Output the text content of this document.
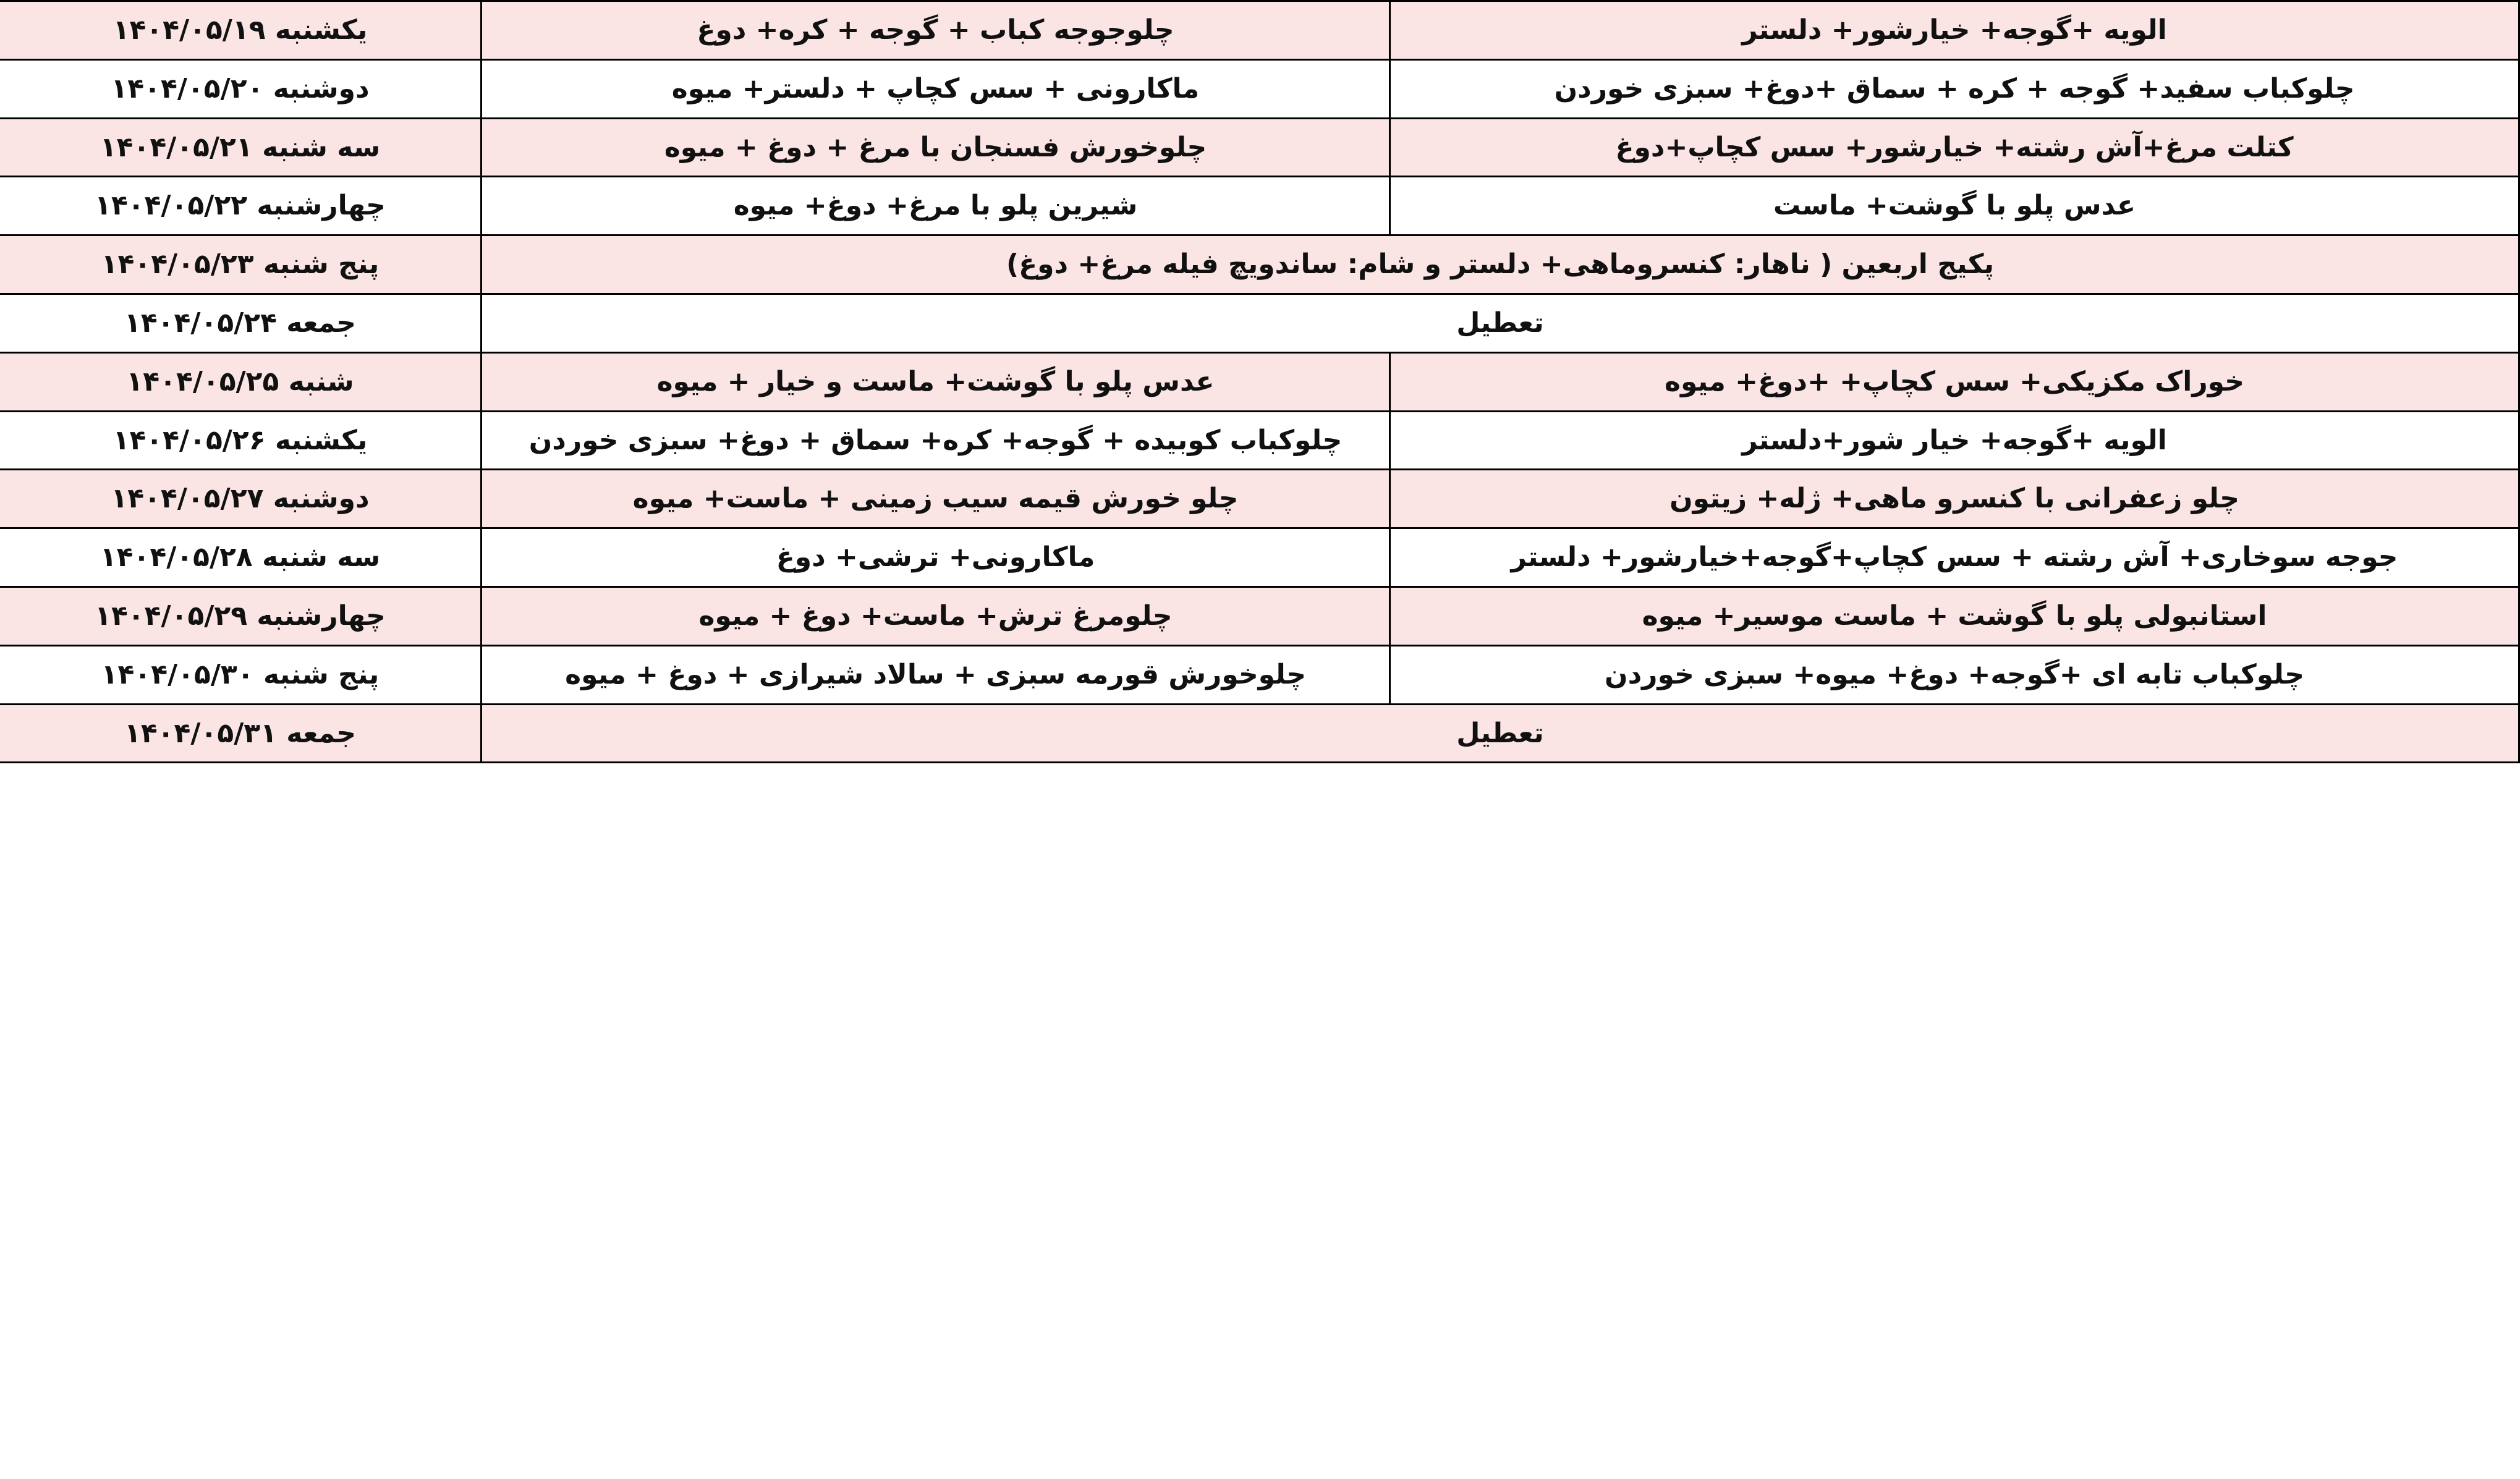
الویه +گوجه+ خیارشور+ دلستر	چلوجوجه کباب + گوجه + کره+ دوغ	یکشنبه ۱۴۰۴/۰۵/۱۹
چلوکباب سفید+ گوجه + کره + سماق +دوغ+ سبزی خوردن	ماکارونی + سس کچاپ + دلستر+ میوه	دوشنبه ۱۴۰۴/۰۵/۲۰
کتلت مرغ+آش رشته+ خیارشور+ سس کچاپ+دوغ	چلوخورش فسنجان با مرغ + دوغ + میوه	سه شنبه ۱۴۰۴/۰۵/۲۱
عدس پلو با گوشت+ ماست	شیرین پلو با مرغ+ دوغ+ میوه	چهارشنبه ۱۴۰۴/۰۵/۲۲
پکیج اربعین ( ناهار: کنسروماهی+ دلستر و شام: ساندویچ فیله مرغ+ دوغ)		پنج شنبه ۱۴۰۴/۰۵/۲۳
تعطیل		جمعه ۱۴۰۴/۰۵/۲۴
خوراک مکزیکی+ سس کچاپ+ +دوغ+ میوه	عدس پلو با گوشت+ ماست و خیار + میوه	شنبه ۱۴۰۴/۰۵/۲۵
الویه +گوجه+ خیار شور+دلستر	چلوکباب کوبیده + گوجه+ کره+ سماق + دوغ+ سبزی خوردن	یکشنبه ۱۴۰۴/۰۵/۲۶
چلو زعفرانی با کنسرو ماهی+ ژله+ زیتون	چلو خورش قیمه سیب زمینی + ماست+ میوه	دوشنبه ۱۴۰۴/۰۵/۲۷
جوجه سوخاری+ آش رشته + سس کچاپ+گوجه+خیارشور+ دلستر	ماکارونی+ ترشی+ دوغ	سه شنبه ۱۴۰۴/۰۵/۲۸
استانبولی پلو با گوشت + ماست موسیر+ میوه	چلومرغ ترش+ ماست+ دوغ + میوه	چهارشنبه ۱۴۰۴/۰۵/۲۹
چلوکباب تابه ای +گوجه+ دوغ+ میوه+ سبزی خوردن	چلوخورش قورمه سبزی + سالاد شیرازی + دوغ + میوه	پنج شنبه ۱۴۰۴/۰۵/۳۰
تعطیل		جمعه ۱۴۰۴/۰۵/۳۱
